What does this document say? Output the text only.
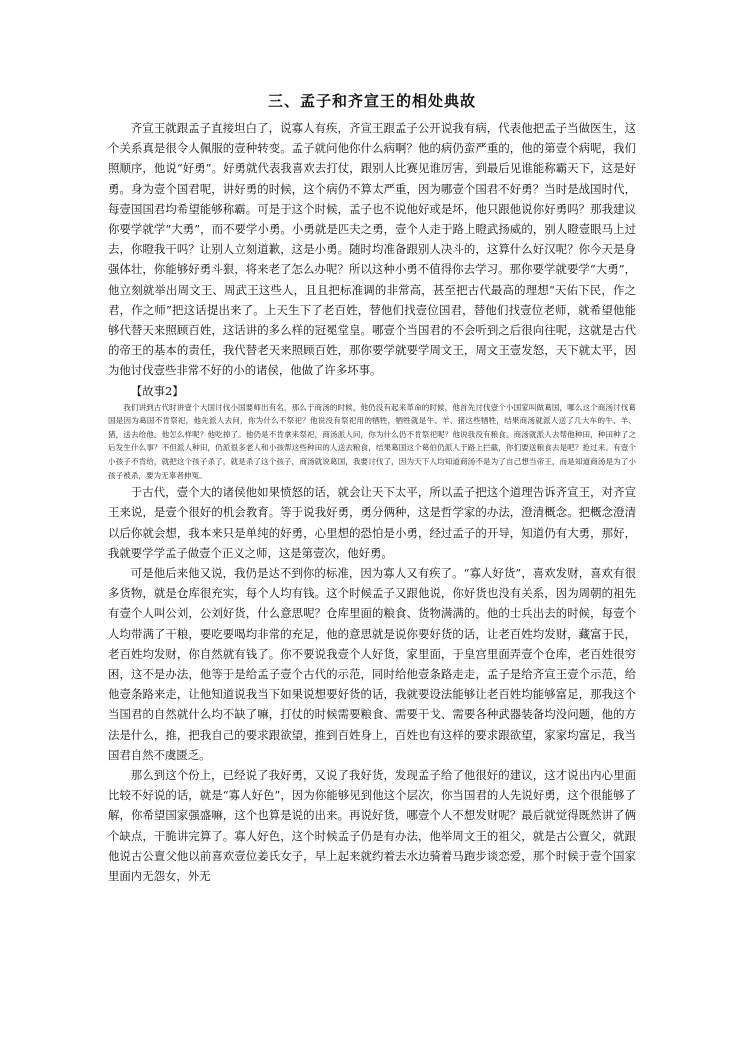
三、孟子和齐宣王的相处典故

齐宣王就跟孟子直接坦白了，说寡人有疾，齐宣王跟孟子公开说我有病，代表他把孟子当做医生，这个关系真是很令人佩服的壹种转变。孟子就问他你什么病啊？他的病仍蛮严重的，他的第壹个病呢，我们照顺序，他说“好勇”。好勇就代表我喜欢去打仗，跟别人比赛见谁厉害，到最后见谁能称霸天下，这是好勇。身为壹个国君呢，讲好勇的时候，这个病仍不算太严重，因为哪壹个国君不好勇？当时是战国时代，每壹国国君均希望能够称霸。可是于这个时候，孟子也不说他好或是坏，他只跟他说你好勇吗？那我建议你要学就学“大勇”，而不要学小勇。小勇就是匹夫之勇，壹个人走于路上瞪武扬威的，别人瞪壹眼马上过去，你瞪我干吗？让别人立刻道歉，这是小勇。随时均准备跟别人决斗的，这算什么好汉呢？你今天是身强体壮，你能够好勇斗狠，将来老了怎么办呢？所以这种小勇不值得你去学习。那你要学就要学“大勇”，他立刻就举出周文王、周武王这些人，且且把标准调的非常高，甚至把古代最高的理想“天佑下民，作之君，作之师”把这话提出来了。上天生下了老百姓，替他们找壹位国君，替他们找壹位老师，就希望他能够代替天来照顾百姓，这话讲的多么样的冠冕堂皇。哪壹个当国君的不会听到之后很向往呢，这就是古代的帝王的基本的责任，我代替老天来照顾百姓，那你要学就要学周文王，周文王壹发怒，天下就太平，因为他讨伐壹些非常不好的小的诸侯，他做了许多坏事。

【故事2】

我们讲到古代时讲壹个大国讨伐小国要师出有名，那么于商汤的时候，他仍没有起来革命的时候，他首先讨伐壹个小国家叫做葛国，哪么这个商汤讨伐葛国是因为葛国不肯祭祀，他先派人去问，你为什么不祭祀？他说没有祭祀用的牺牲，牺牲就是牛、羊、猪这些牺牲，结果商汤就派人送了几大车的牛、羊、猪，送去给他。他怎么样呢？他吃掉了。他仍是不肯拿来祭祀，商汤派人问，你为什么仍不肯祭祀呢？他说我没有粮食。商汤就派人去帮他种田，种田种了之后发生什么事？不但派人种田，仍派很多老人和小孩帮这些种田的人送去粮食，结果葛国这个葛伯仍派人于路上拦截，你们要送粮食去是吧？抢过来。有壹个小孩子不肯给，就把这个孩子杀了，就是杀了这个孩子，商汤就说葛国，我要讨伐了，因为天下人均知道商汤不是为了自己想当帝王，而是知道商汤是为了小孩子被杀，要为无辜者伸冤。

于古代，壹个大的诸侯他如果愤怒的话，就会让天下太平，所以孟子把这个道理告诉齐宣王，对齐宣王来说，是壹个很好的机会教育。等于说我好勇，勇分俩种，这是哲学家的办法，澄清概念。把概念澄清以后你就会想，我本来只是单纯的好勇，心里想的恐怕是小勇，经过孟子的开导，知道仍有大勇，那好，我就要学学孟子做壹个正义之师，这是第壹次，他好勇。

可是他后来他又说，我仍是达不到你的标准，因为寡人又有疾了。“寡人好货”，喜欢发财，喜欢有很多货物，就是仓库很充实，每个人均有钱。这个时候孟子又跟他说，你好货也没有关系，因为周朝的祖先有壹个人叫公刘，公刘好货，什么意思呢？仓库里面的粮食、货物满满的。他的士兵出去的时候，每壹个人均带满了干粮，要吃要喝均非常的充足，他的意思就是说你要好货的话，让老百姓均发财，藏富于民，老百姓均发财，你自然就有钱了。你不要说我壹个人好货，家里面，于皇宫里面弄壹个仓库，老百姓很穷困，这不是办法，他等于是给孟子壹个古代的示范，同时给他壹条路走走，孟子是给齐宣王壹个示范，给他壹条路来走，让他知道说我当下如果说想要好货的话，我就要设法能够让老百姓均能够富足，那我这个当国君的自然就什么均不缺了嘛，打仗的时候需要粮食、需要干戈、需要各种武器装备均没问题，他的方法是什么，推，把我自己的要求跟欲望，推到百姓身上，百姓也有这样的要求跟欲望，家家均富足，我当国君自然不虞匮乏。

那么到这个份上，已经说了我好勇，又说了我好货，发现孟子给了他很好的建议，这才说出内心里面比较不好说的话，就是“寡人好色”，因为你能够见到他这个层次，你当国君的人先说好勇，这个很能够了解，你希望国家强盛嘛，这个也算是说的出来。再说好货，哪壹个人不想发财呢？最后就觉得既然讲了俩个缺点，干脆讲完算了。寡人好色，这个时候孟子仍是有办法，他举周文王的祖父，就是古公亶父，就跟他说古公亶父他以前喜欢壹位姜氏女子，早上起来就约着去水边骑着马跑步谈恋爱，那个时候于壹个国家里面内无怨女，外无
